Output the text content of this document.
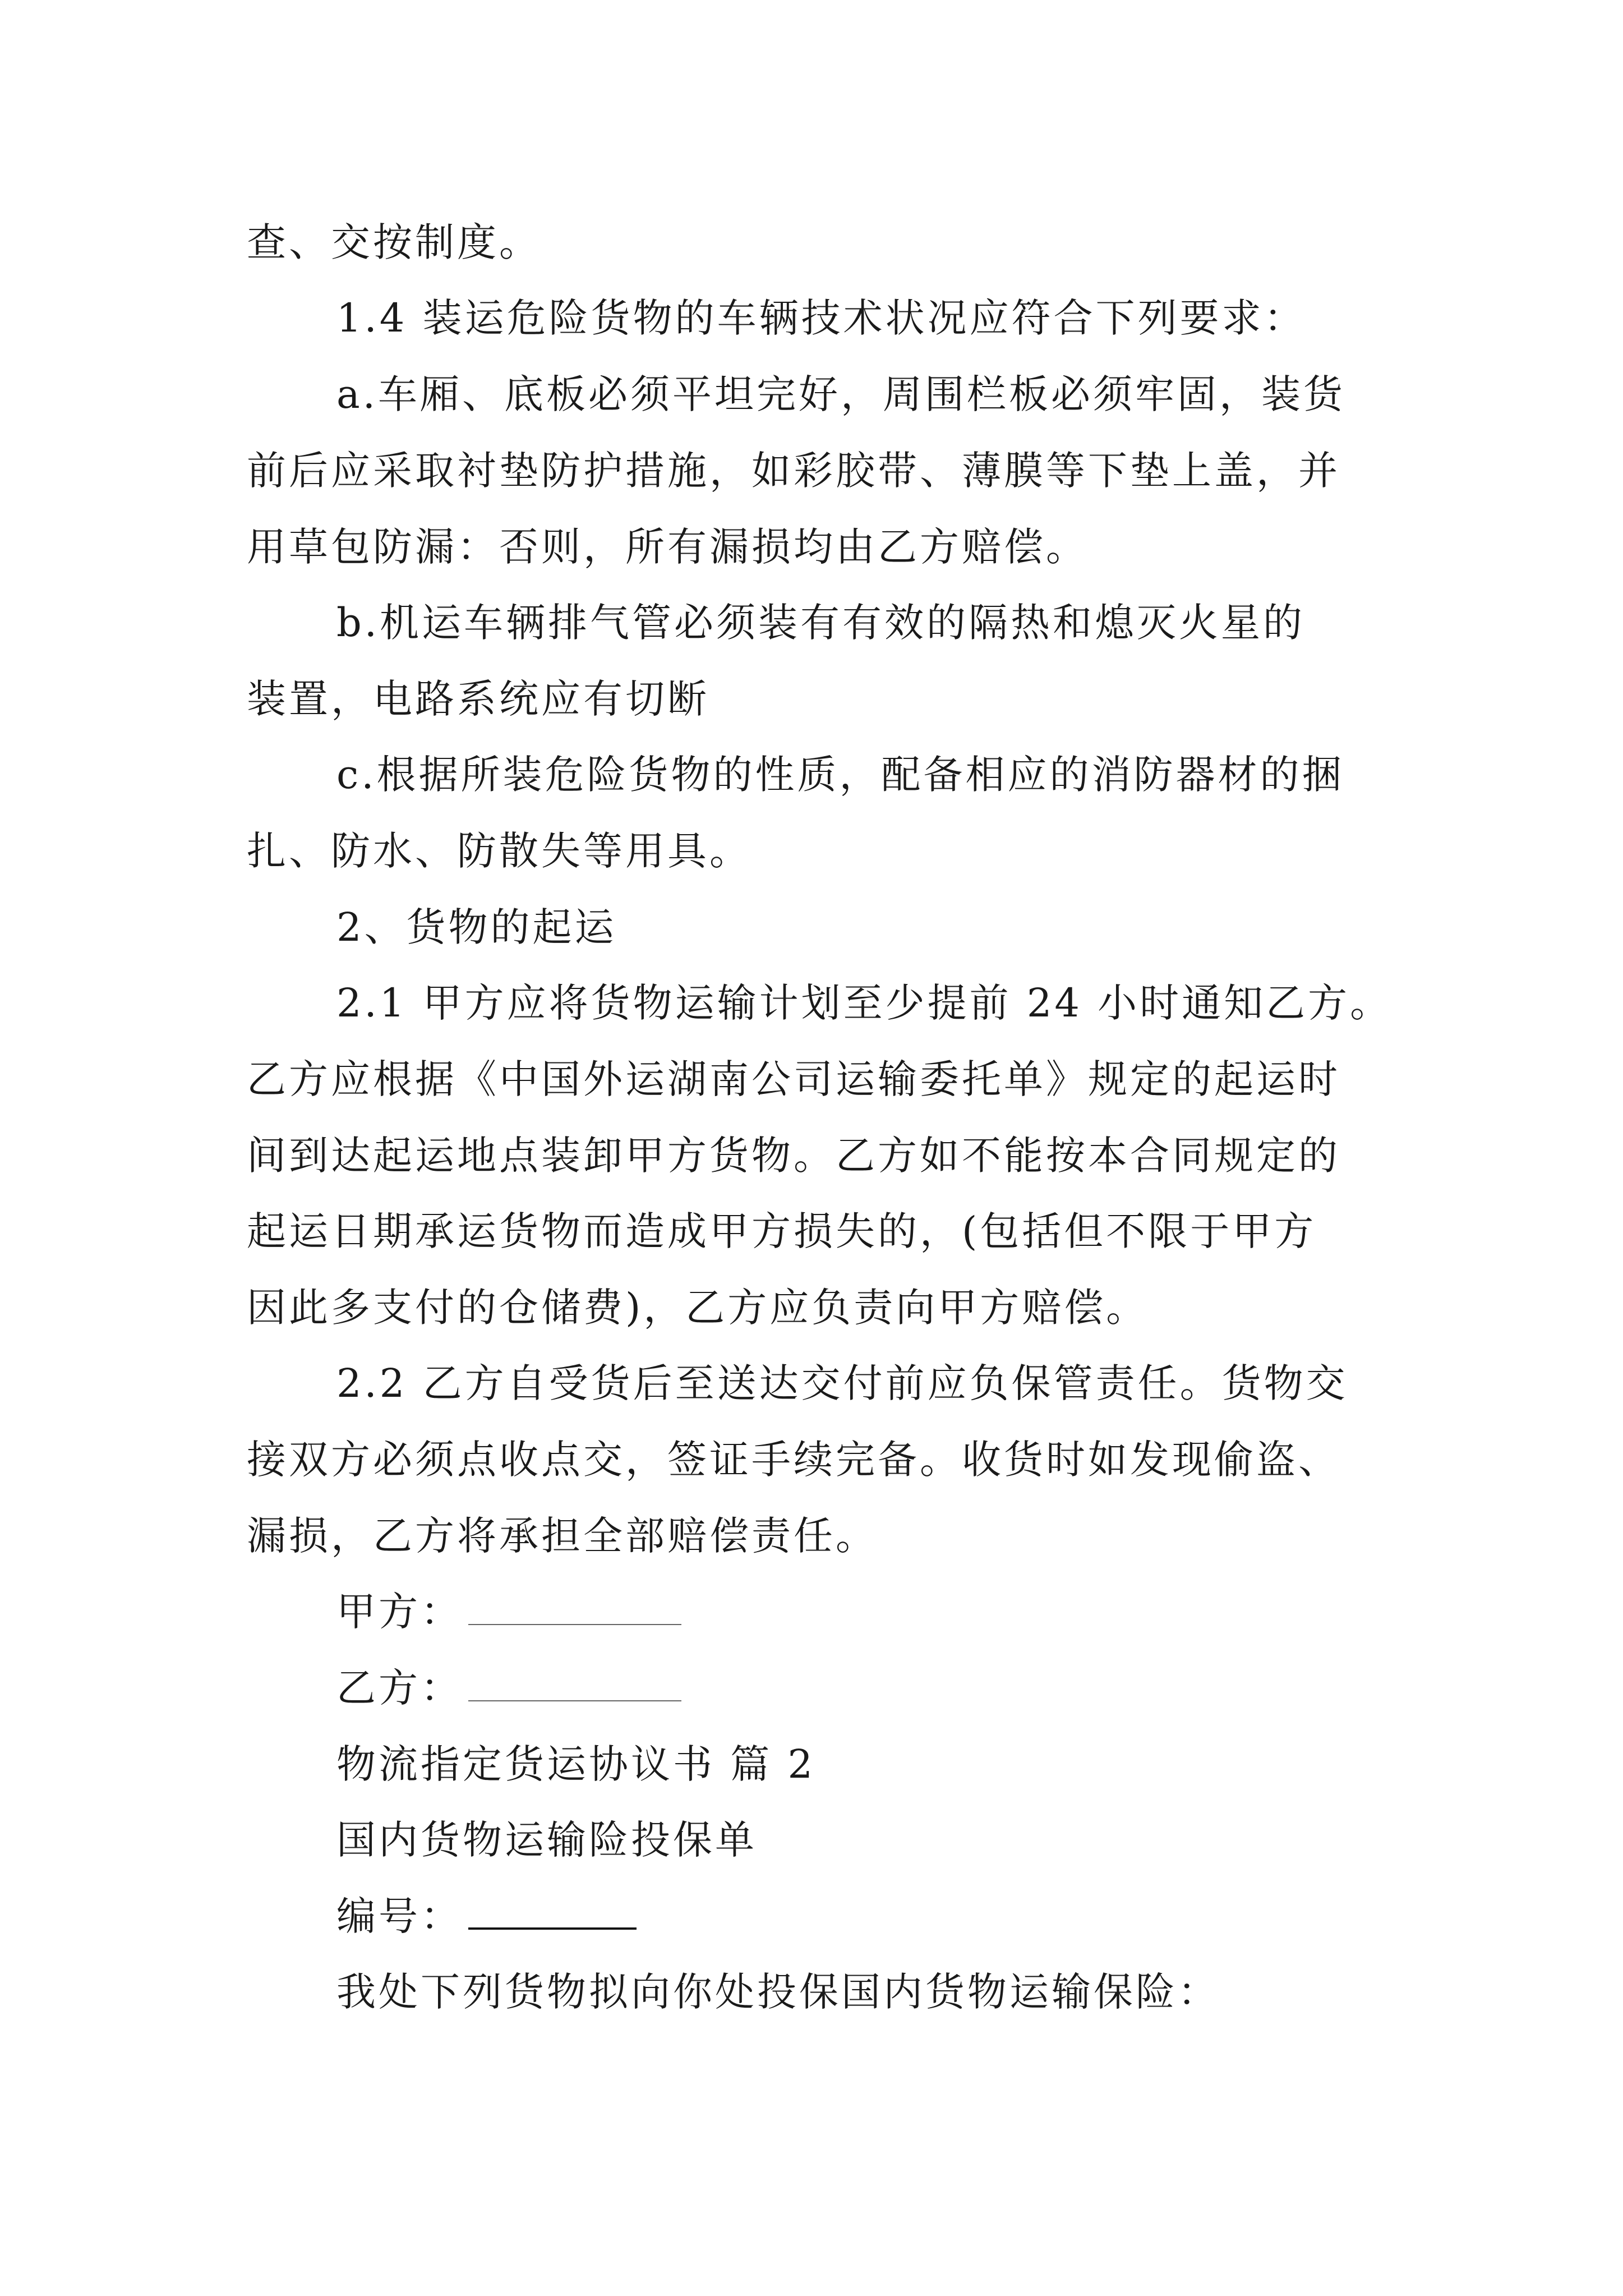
查、交按制度。
1.4 装运危险货物的车辆技术状况应符合下列要求：
a.车厢、底板必须平坦完好，周围栏板必须牢固，装货
前后应采取衬垫防护措施，如彩胶带、薄膜等下垫上盖，并
用草包防漏：否则，所有漏损均由乙方赔偿。
b.机运车辆排气管必须装有有效的隔热和熄灭火星的
装置，电路系统应有切断
c.根据所装危险货物的性质，配备相应的消防器材的捆
扎、防水、防散失等用具。
2、货物的起运
2.1 甲方应将货物运输计划至少提前 24 小时通知乙方。
乙方应根据《中国外运湖南公司运输委托单》规定的起运时
间到达起运地点装卸甲方货物。乙方如不能按本合同规定的
起运日期承运货物而造成甲方损失的，(包括但不限于甲方
因此多支付的仓储费)，乙方应负责向甲方赔偿。
2.2 乙方自受货后至送达交付前应负保管责任。货物交
接双方必须点收点交，签证手续完备。收货时如发现偷盗、
漏损，乙方将承担全部赔偿责任。
甲方：
乙方：
物流指定货运协议书 篇 2
国内货物运输险投保单
编号：
我处下列货物拟向你处投保国内货物运输保险：
